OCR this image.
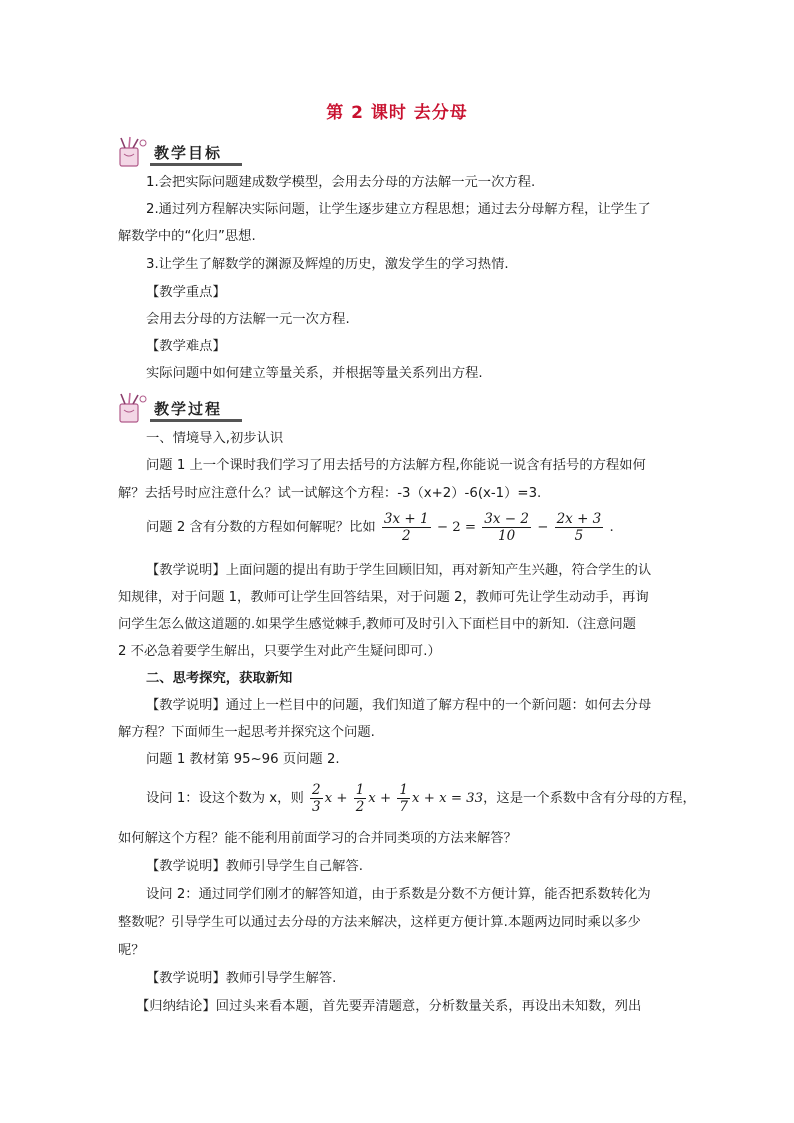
第 2 课时 去分母
教学目标
1.会把实际问题建成数学模型，会用去分母的方法解一元一次方程.
2.通过列方程解决实际问题，让学生逐步建立方程思想；通过去分母解方程，让学生了
解数学中的“化归”思想.
3.让学生了解数学的渊源及辉煌的历史，激发学生的学习热情.
【教学重点】
会用去分母的方法解一元一次方程.
【教学难点】
实际问题中如何建立等量关系，并根据等量关系列出方程.
教学过程
一、情境导入,初步认识
问题 1 上一个课时我们学习了用去括号的方法解方程,你能说一说含有括号的方程如何
解？去括号时应注意什么？试一试解这个方程：-3（x+2）-6(x-1）=3.
问题 2 含有分数的方程如何解呢？比如 $\frac{3x + 1}{2} - 2 = \frac{3x - 2}{10} - \frac{2x + 3}{5}$ .
【教学说明】上面问题的提出有助于学生回顾旧知，再对新知产生兴趣，符合学生的认
知规律，对于问题 1，教师可让学生回答结果，对于问题 2，教师可先让学生动动手，再询
问学生怎么做这道题的.如果学生感觉棘手,教师可及时引入下面栏目中的新知.（注意问题
2 不必急着要学生解出，只要学生对此产生疑问即可.）
二、思考探究，获取新知
【教学说明】通过上一栏目中的问题，我们知道了解方程中的一个新问题：如何去分母
解方程？下面师生一起思考并探究这个问题.
问题 1 教材第 95~96 页问题 2.
设问 1：设这个数为 x，则 $\frac{2}{3}$ $x + \frac{1}{2}$ $x + \frac{1}{7}$ x + x = 33，这是一个系数中含有分母的方程，
如何解这个方程？能不能利用前面学习的合并同类项的方法来解答？
【教学说明】教师引导学生自己解答.
设问 2：通过同学们刚才的解答知道，由于系数是分数不方便计算，能否把系数转化为
整数呢？引导学生可以通过去分母的方法来解决，这样更方便计算.本题两边同时乘以多少
呢？
【教学说明】教师引导学生解答.
【归纳结论】回过头来看本题，首先要弄清题意，分析数量关系，再设出未知数，列出
